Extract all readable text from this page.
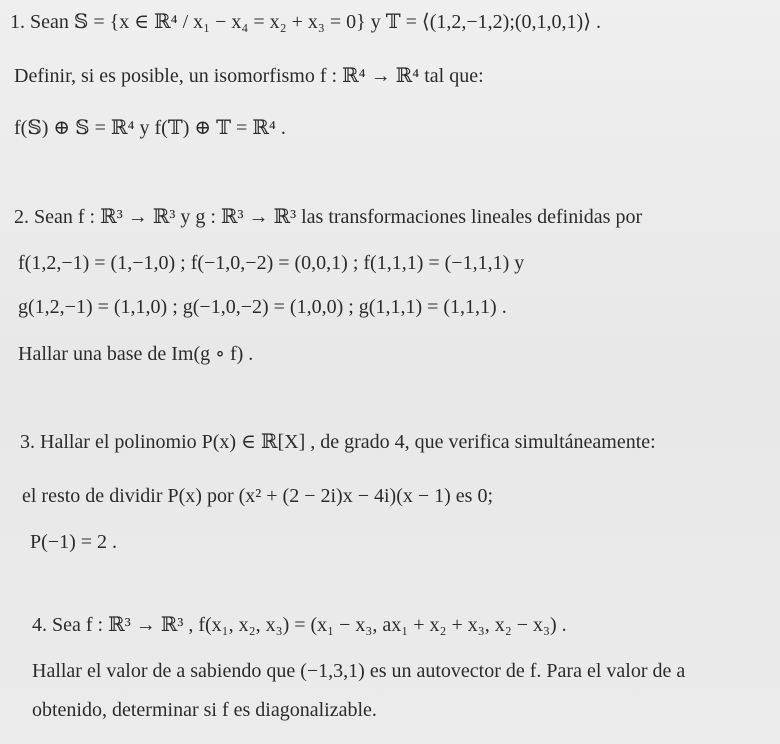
1. Sean 𝕊 = {x ∈ ℝ⁴ / x₁ − x₄ = x₂ + x₃ = 0} y 𝕋 = ⟨(1,2,−1,2);(0,1,0,1)⟩ .
Definir, si es posible, un isomorfismo f : ℝ⁴ → ℝ⁴ tal que:
f(𝕊) ⊕ 𝕊 = ℝ⁴ y f(𝕋) ⊕ 𝕋 = ℝ⁴ .
2. Sean f : ℝ³ → ℝ³ y g : ℝ³ → ℝ³ las transformaciones lineales definidas por
f(1,2,−1) = (1,−1,0) ; f(−1,0,−2) = (0,0,1) ; f(1,1,1) = (−1,1,1) y
g(1,2,−1) = (1,1,0) ; g(−1,0,−2) = (1,0,0) ; g(1,1,1) = (1,1,1) .
Hallar una base de Im(g ∘ f) .
3. Hallar el polinomio P(x) ∈ ℝ[X] , de grado 4, que verifica simultáneamente:
el resto de dividir P(x) por (x² + (2 − 2i)x − 4i)(x − 1) es 0;
P(−1) = 2 .
4. Sea f : ℝ³ → ℝ³ , f(x₁, x₂, x₃) = (x₁ − x₃, ax₁ + x₂ + x₃, x₂ − x₃) .
Hallar el valor de a sabiendo que (−1,3,1) es un autovector de f. Para el valor de a
obtenido, determinar si f es diagonalizable.
